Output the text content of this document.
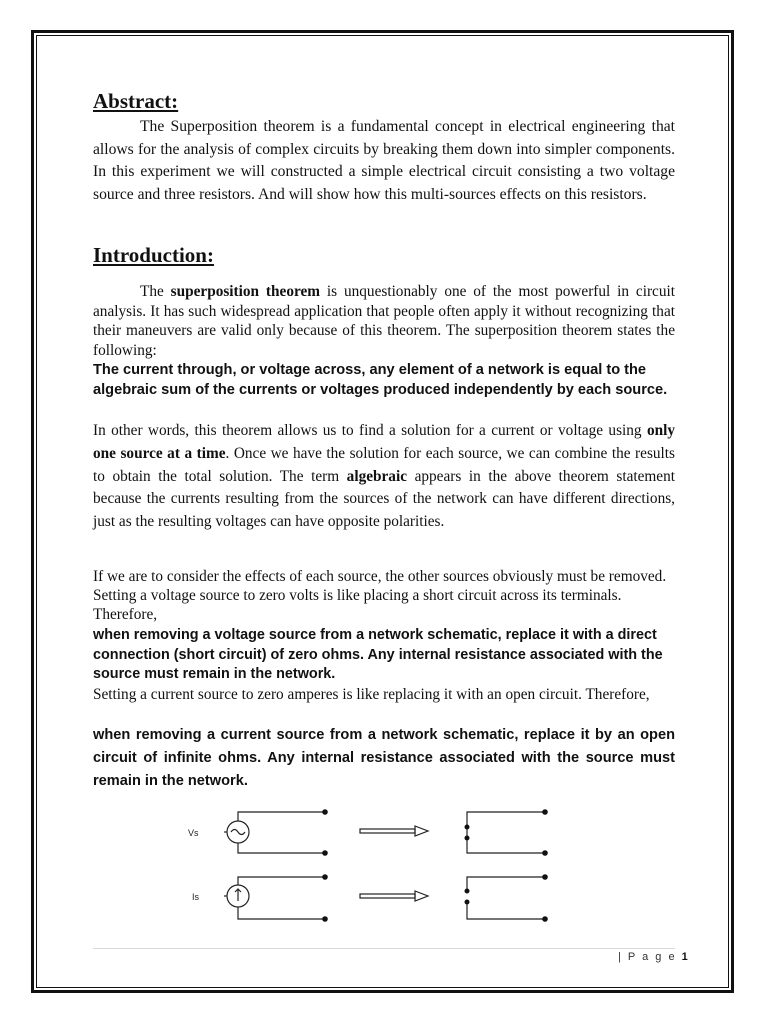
Abstract:

The Superposition theorem is a fundamental concept in electrical engineering that allows for the analysis of complex circuits by breaking them down into simpler components. In this experiment we will constructed a simple electrical circuit consisting a two voltage source and three resistors. And will show how this multi-sources effects on this resistors.

Introduction:

The superposition theorem is unquestionably one of the most powerful in circuit analysis. It has such widespread application that people often apply it without recognizing that their maneuvers are valid only because of this theorem. The superposition theorem states the following:

The current through, or voltage across, any element of a network is equal to the algebraic sum of the currents or voltages produced independently by each source.

In other words, this theorem allows us to find a solution for a current or voltage using only one source at a time. Once we have the solution for each source, we can combine the results to obtain the total solution. The term algebraic appears in the above theorem statement because the currents resulting from the sources of the network can have different directions, just as the resulting voltages can have opposite polarities.

If we are to consider the effects of each source, the other sources obviously must be removed. Setting a voltage source to zero volts is like placing a short circuit across its terminals. Therefore,

when removing a voltage source from a network schematic, replace it with a direct connection (short circuit) of zero ohms. Any internal resistance associated with the source must remain in the network.

Setting a current source to zero amperes is like replacing it with an open circuit. Therefore,

when removing a current source from a network schematic, replace it by an open circuit of infinite ohms. Any internal resistance associated with the source must remain in the network.

Vs
Is
| P a g e 1
